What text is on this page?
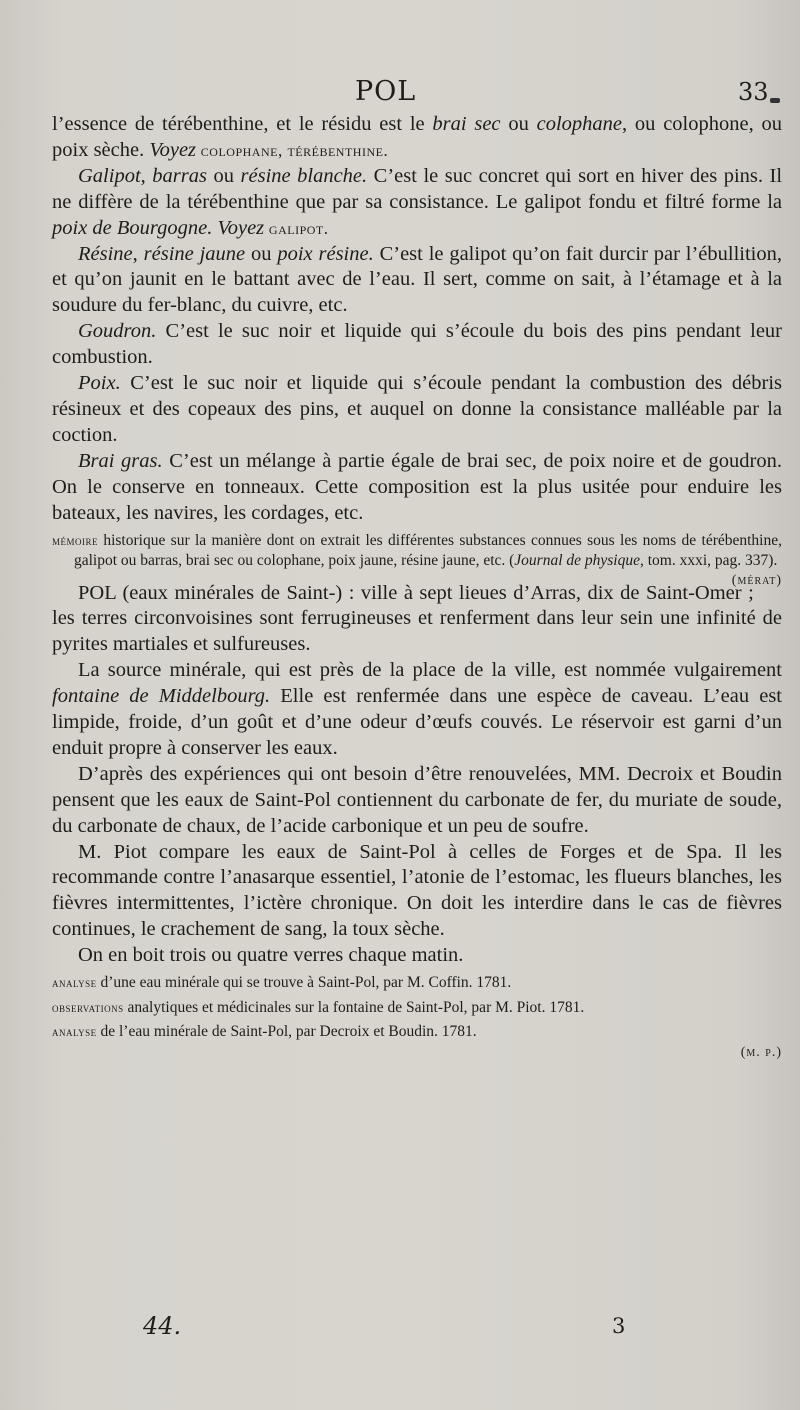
POL	33

l’essence de térébenthine, et le résidu est le brai sec ou colophane, ou colophone, ou poix sèche. Voyez colophane, térébenthine.

Galipot, barras ou résine blanche. C’est le suc concret qui sort en hiver des pins. Il ne diffère de la térébenthine que par sa consistance. Le galipot fondu et filtré forme la poix de Bourgogne. Voyez galipot.

Résine, résine jaune ou poix résine. C’est le galipot qu’on fait durcir par l’ébullition, et qu’on jaunit en le battant avec de l’eau. Il sert, comme on sait, à l’étamage et à la soudure du fer-blanc, du cuivre, etc.

Goudron. C’est le suc noir et liquide qui s’écoule du bois des pins pendant leur combustion.

Poix. C’est le suc noir et liquide qui s’écoule pendant la combustion des débris résineux et des copeaux des pins, et auquel on donne la consistance malléable par la coction.

Brai gras. C’est un mélange à partie égale de brai sec, de poix noire et de goudron. On le conserve en tonneaux. Cette composition est la plus usitée pour enduire les bateaux, les navires, les cordages, etc.

mémoire historique sur la manière dont on extrait les différentes substances connues sous les noms de térébenthine, galipot ou barras, brai sec ou colophane, poix jaune, résine jaune, etc. (Journal de physique, tom. xxxi, pag. 337).
(mérat)

POL (eaux minérales de Saint-) : ville à sept lieues d’Arras, dix de Saint-Omer ; les terres circonvoisines sont ferrugineuses et renferment dans leur sein une infinité de pyrites martiales et sulfureuses.

La source minérale, qui est près de la place de la ville, est nommée vulgairement fontaine de Middelbourg. Elle est renfermée dans une espèce de caveau. L’eau est limpide, froide, d’un goût et d’une odeur d’œufs couvés. Le réservoir est garni d’un enduit propre à conserver les eaux.

D’après des expériences qui ont besoin d’être renouvelées, MM. Decroix et Boudin pensent que les eaux de Saint-Pol contiennent du carbonate de fer, du muriate de soude, du carbonate de chaux, de l’acide carbonique et un peu de soufre.

M. Piot compare les eaux de Saint-Pol à celles de Forges et de Spa. Il les recommande contre l’anasarque essentiel, l’atonie de l’estomac, les flueurs blanches, les fièvres intermittentes, l’ictère chronique. On doit les interdire dans le cas de fièvres continues, le crachement de sang, la toux sèche.

On en boit trois ou quatre verres chaque matin.

analyse d’une eau minérale qui se trouve à Saint-Pol, par M. Coffin. 1781.

observations analytiques et médicinales sur la fontaine de Saint-Pol, par M. Piot. 1781.

analyse de l’eau minérale de Saint-Pol, par Decroix et Boudin. 1781.

(m. p.)

44.	3
